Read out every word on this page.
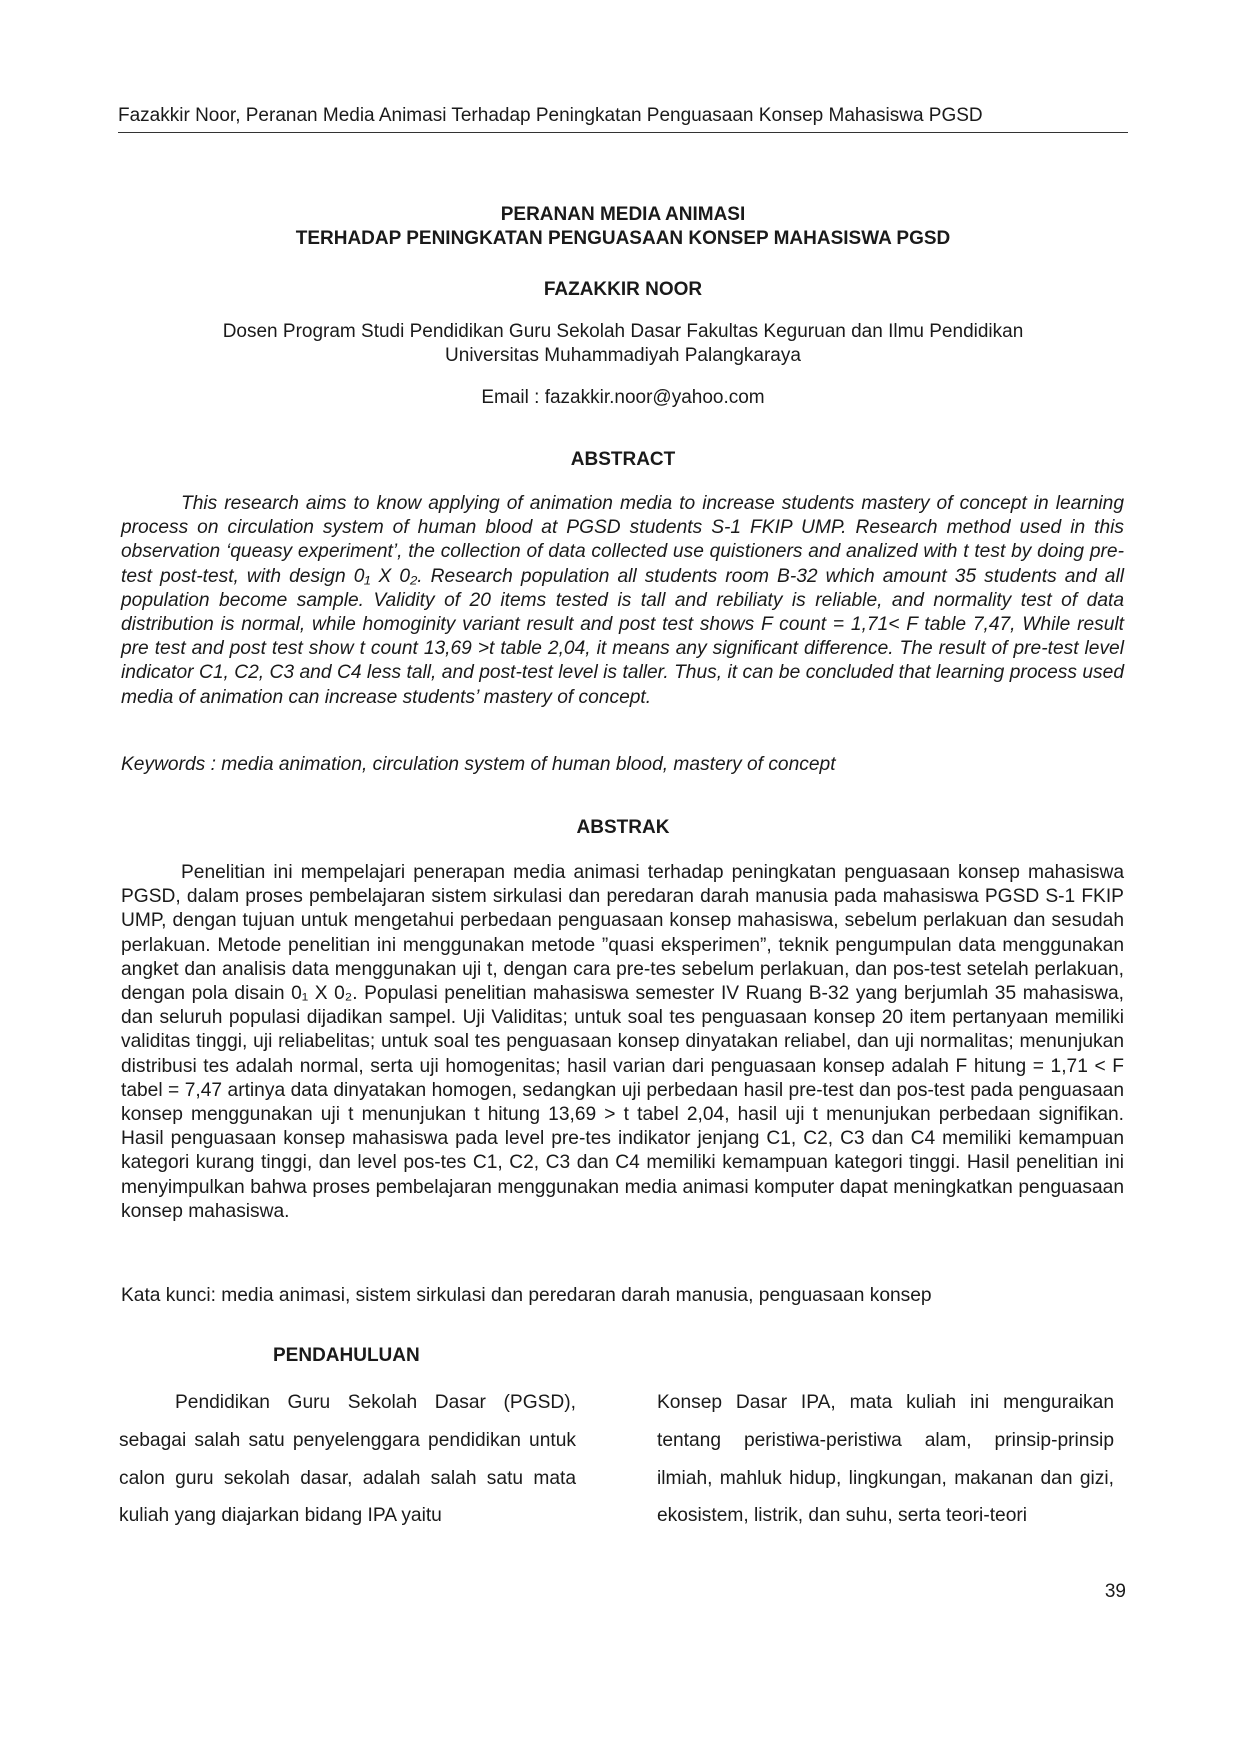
Fazakkir Noor, Peranan Media Animasi Terhadap Peningkatan Penguasaan Konsep Mahasiswa PGSD
PERANAN MEDIA ANIMASI
TERHADAP PENINGKATAN PENGUASAAN KONSEP MAHASISWA PGSD
FAZAKKIR NOOR
Dosen Program Studi Pendidikan Guru Sekolah Dasar Fakultas Keguruan dan Ilmu Pendidikan
Universitas Muhammadiyah Palangkaraya
Email : fazakkir.noor@yahoo.com
ABSTRACT

This research aims to know applying of animation media to increase students mastery of concept in learning process on circulation system of human blood at PGSD students S-1 FKIP UMP. Research method used in this observation ‘queasy experiment’, the collection of data collected use quistioners and analized with t test by doing pre-test post-test, with design 0₁ X 0₂. Research population all students room B-32 which amount 35 students and all population become sample. Validity of 20 items tested is tall and rebiliaty is reliable, and normality test of data distribution is normal, while homoginity variant result and post test shows F count = 1,71< F table 7,47, While result pre test and post test show t count 13,69 >t table 2,04, it means any significant difference. The result of pre-test level indicator C1, C2, C3 and C4 less tall, and post-test level is taller. Thus, it can be concluded that learning process used media of animation can increase students’ mastery of concept.

Keywords : media animation, circulation system of human blood, mastery of concept

ABSTRAK

Penelitian ini mempelajari penerapan media animasi terhadap peningkatan penguasaan konsep mahasiswa PGSD, dalam proses pembelajaran sistem sirkulasi dan peredaran darah manusia pada mahasiswa PGSD S-1 FKIP UMP, dengan tujuan untuk mengetahui perbedaan penguasaan konsep mahasiswa, sebelum perlakuan dan sesudah perlakuan. Metode penelitian ini menggunakan metode ”quasi eksperimen”, teknik pengumpulan data menggunakan angket dan analisis data menggunakan uji t, dengan cara pre-tes sebelum perlakuan, dan pos-test setelah perlakuan, dengan pola disain 0₁ X 0₂. Populasi penelitian mahasiswa semester IV Ruang B-32 yang berjumlah 35 mahasiswa, dan seluruh populasi dijadikan sampel. Uji Validitas; untuk soal tes penguasaan konsep 20 item pertanyaan memiliki validitas tinggi, uji reliabelitas; untuk soal tes penguasaan konsep dinyatakan reliabel, dan uji normalitas; menunjukan distribusi tes adalah normal, serta uji homogenitas; hasil varian dari penguasaan konsep adalah F hitung = 1,71 < F tabel = 7,47 artinya data dinyatakan homogen, sedangkan uji perbedaan hasil pre-test dan pos-test pada penguasaan konsep menggunakan uji t menunjukan t hitung 13,69 > t tabel 2,04, hasil uji t menunjukan perbedaan signifikan. Hasil penguasaan konsep mahasiswa pada level pre-tes indikator jenjang C1, C2, C3 dan C4 memiliki kemampuan kategori kurang tinggi, dan level pos-tes C1, C2, C3 dan C4 memiliki kemampuan kategori tinggi. Hasil penelitian ini menyimpulkan bahwa proses pembelajaran menggunakan media animasi komputer dapat meningkatkan penguasaan konsep mahasiswa.

Kata kunci: media animasi, sistem sirkulasi dan peredaran darah manusia, penguasaan konsep

PENDAHULUAN

Pendidikan Guru Sekolah Dasar (PGSD), sebagai salah satu penyelenggara pendidikan untuk calon guru sekolah dasar, adalah salah satu mata kuliah yang diajarkan bidang IPA yaitu

Konsep Dasar IPA, mata kuliah ini menguraikan tentang peristiwa-peristiwa alam, prinsip-prinsip ilmiah, mahluk hidup, lingkungan, makanan dan gizi, ekosistem, listrik, dan suhu, serta teori-teori

39
